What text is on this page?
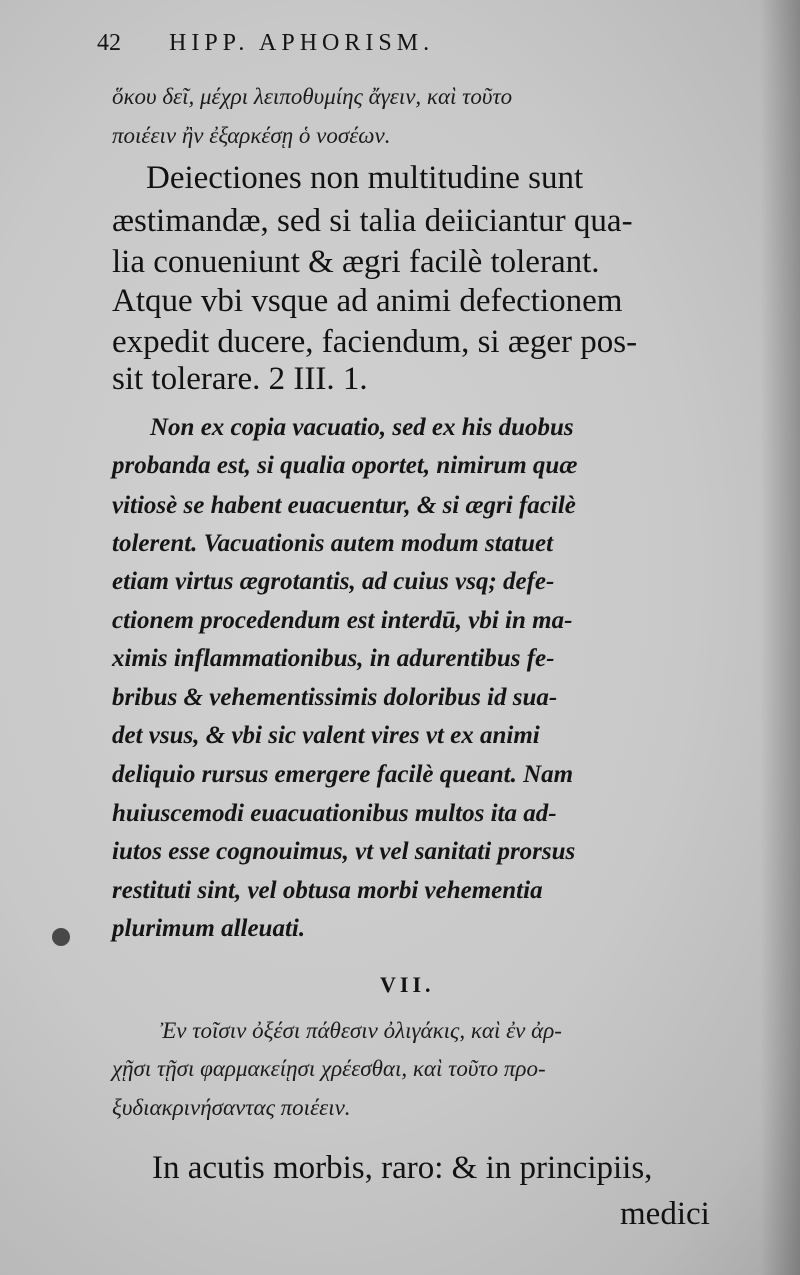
42 HIPP. APHORISM.
ὅκου δεῖ, μέχρι λειποθυμίης ἄγειν, καὶ τοῦτο
ποιέειν ἢν ἐξαρκέσῃ ὁ νοσέων.
Deiectiones non multitudine sunt
æstimandæ, sed si talia deiiciantur qua-
lia conueniunt & ægri facilè tolerant.
Atque vbi vsque ad animi defectionem
expedit ducere, faciendum, si æger pos-
sit tolerare. 2 III. 1.
Non ex copia vacuatio, sed ex his duobus
probanda est, si qualia oportet, nimirum quæ
vitiosè se habent euacuentur, & si ægri facilè
tolerent. Vacuationis autem modum statuet
etiam virtus ægrotantis, ad cuius vsq; defe-
ctionem procedendum est interdū, vbi in ma-
ximis inflammationibus, in adurentibus fe-
bribus & vehementissimis doloribus id sua-
det vsus, & vbi sic valent vires vt ex animi
deliquio rursus emergere facilè queant. Nam
huiuscemodi euacuationibus multos ita ad-
iutos esse cognouimus, vt vel sanitati prorsus
restituti sint, vel obtusa morbi vehementia
plurimum alleuati.
VII.
Ἐν τοῖσιν ὀξέσι πάθεσιν ὀλιγάκις, καὶ ἐν ἀρ-
χῇσι τῇσι φαρμακείῃσι χρέεσθαι, καὶ τοῦτο προ-
ξυδιακρινήσαντας ποιέειν.
In acutis morbis, raro: & in principiis,
medici
